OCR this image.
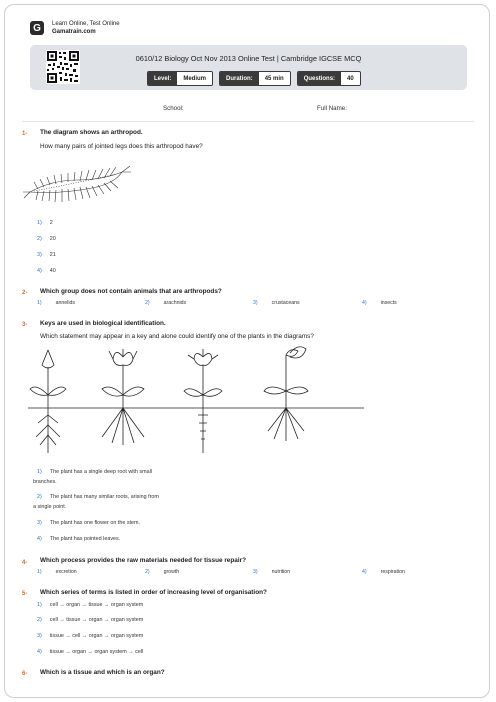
G	Learn Online, Test Online
Gamatrain.com
0610/12 Biology Oct Nov 2013 Online Test | Cambridge IGCSE MCQ
Level:	Medium	Duration:	45 min	Questions:	40
School:	Full Name:
1- The diagram shows an arthropod.
How many pairs of jointed legs does this arthropod have?
1) 2
2) 20
3) 21
4) 40
2- Which group does not contain animals that are arthropods?
1)	annelids	2)	arachnids	3)	crustaceans	4)	insects
3- Keys are used in biological identification.
Which statement may appear in a key and alone could identify one of the plants in the diagrams?
1) The plant has a single deep root with small
branches.
2) The plant has many similar roots, arising from
a single point.
3) The plant has one flower on the stem.
4) The plant has pointed leaves.
4- Which process provides the raw materials needed for tissue repair?
1)	excretion	2)	growth	3)	nutrition	4)	respiration
5- Which series of terms is listed in order of increasing level of organisation?
1) cell → organ → tissue → organ system
2) cell → tissue → organ → organ system
3) tissue → cell → organ → organ system
4) tissue → organ → organ system → cell
6- Which is a tissue and which is an organ?
